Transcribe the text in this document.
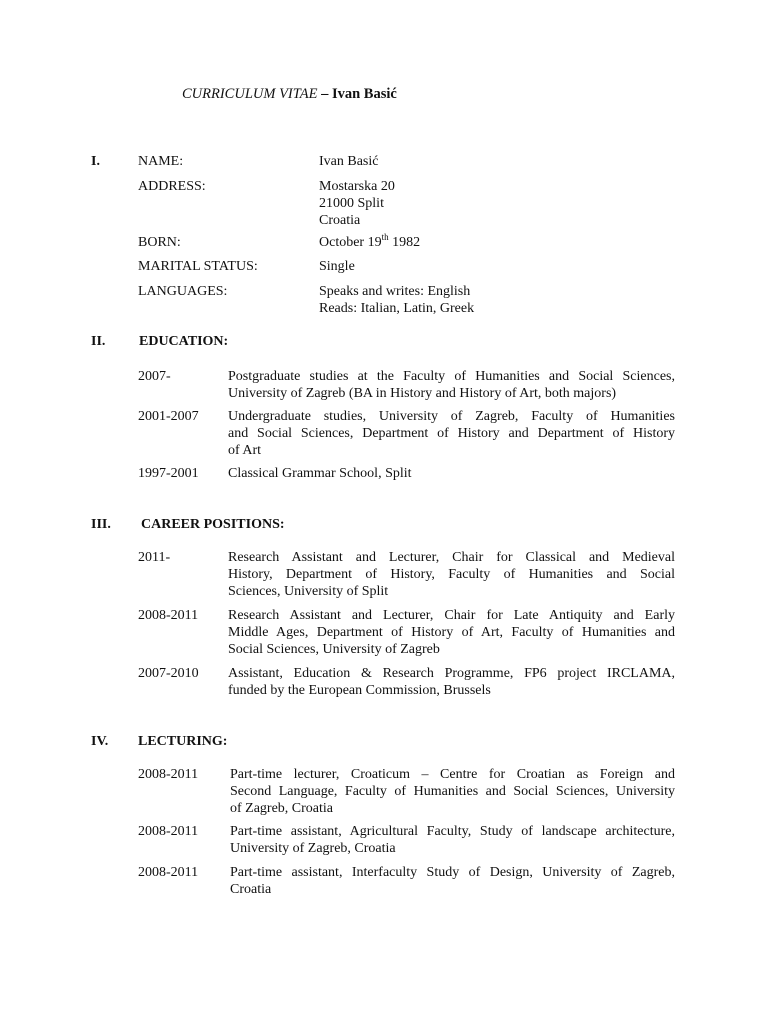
CURRICULUM VITAE – Ivan Basić
I.	NAME:	Ivan Basić
ADDRESS:	Mostarska 20
21000 Split
Croatia
BORN:	October 19th 1982
MARITAL STATUS:	Single
LANGUAGES:	Speaks and writes: English
Reads: Italian, Latin, Greek
II. EDUCATION:
2007-	Postgraduate studies at the Faculty of Humanities and Social Sciences,
University of Zagreb (BA in History and History of Art, both majors)
2001-2007 Undergraduate studies, University of Zagreb, Faculty of Humanities
and Social Sciences, Department of History and Department of History
of Art
1997-2001 Classical Grammar School, Split
III. CAREER POSITIONS:
2011-	Research Assistant and Lecturer, Chair for Classical and Medieval
History, Department of History, Faculty of Humanities and Social
Sciences, University of Split
2008-2011 Research Assistant and Lecturer, Chair for Late Antiquity and Early
Middle Ages, Department of History of Art, Faculty of Humanities and
Social Sciences, University of Zagreb
2007-2010 Assistant, Education & Research Programme, FP6 project IRCLAMA,
funded by the European Commission, Brussels
IV. LECTURING:
2008-2011 Part-time lecturer, Croaticum – Centre for Croatian as Foreign and
Second Language, Faculty of Humanities and Social Sciences, University
of Zagreb, Croatia
2008-2011 Part-time assistant, Agricultural Faculty, Study of landscape architecture,
University of Zagreb, Croatia
2008-2011 Part-time assistant, Interfaculty Study of Design, University of Zagreb,
Croatia
